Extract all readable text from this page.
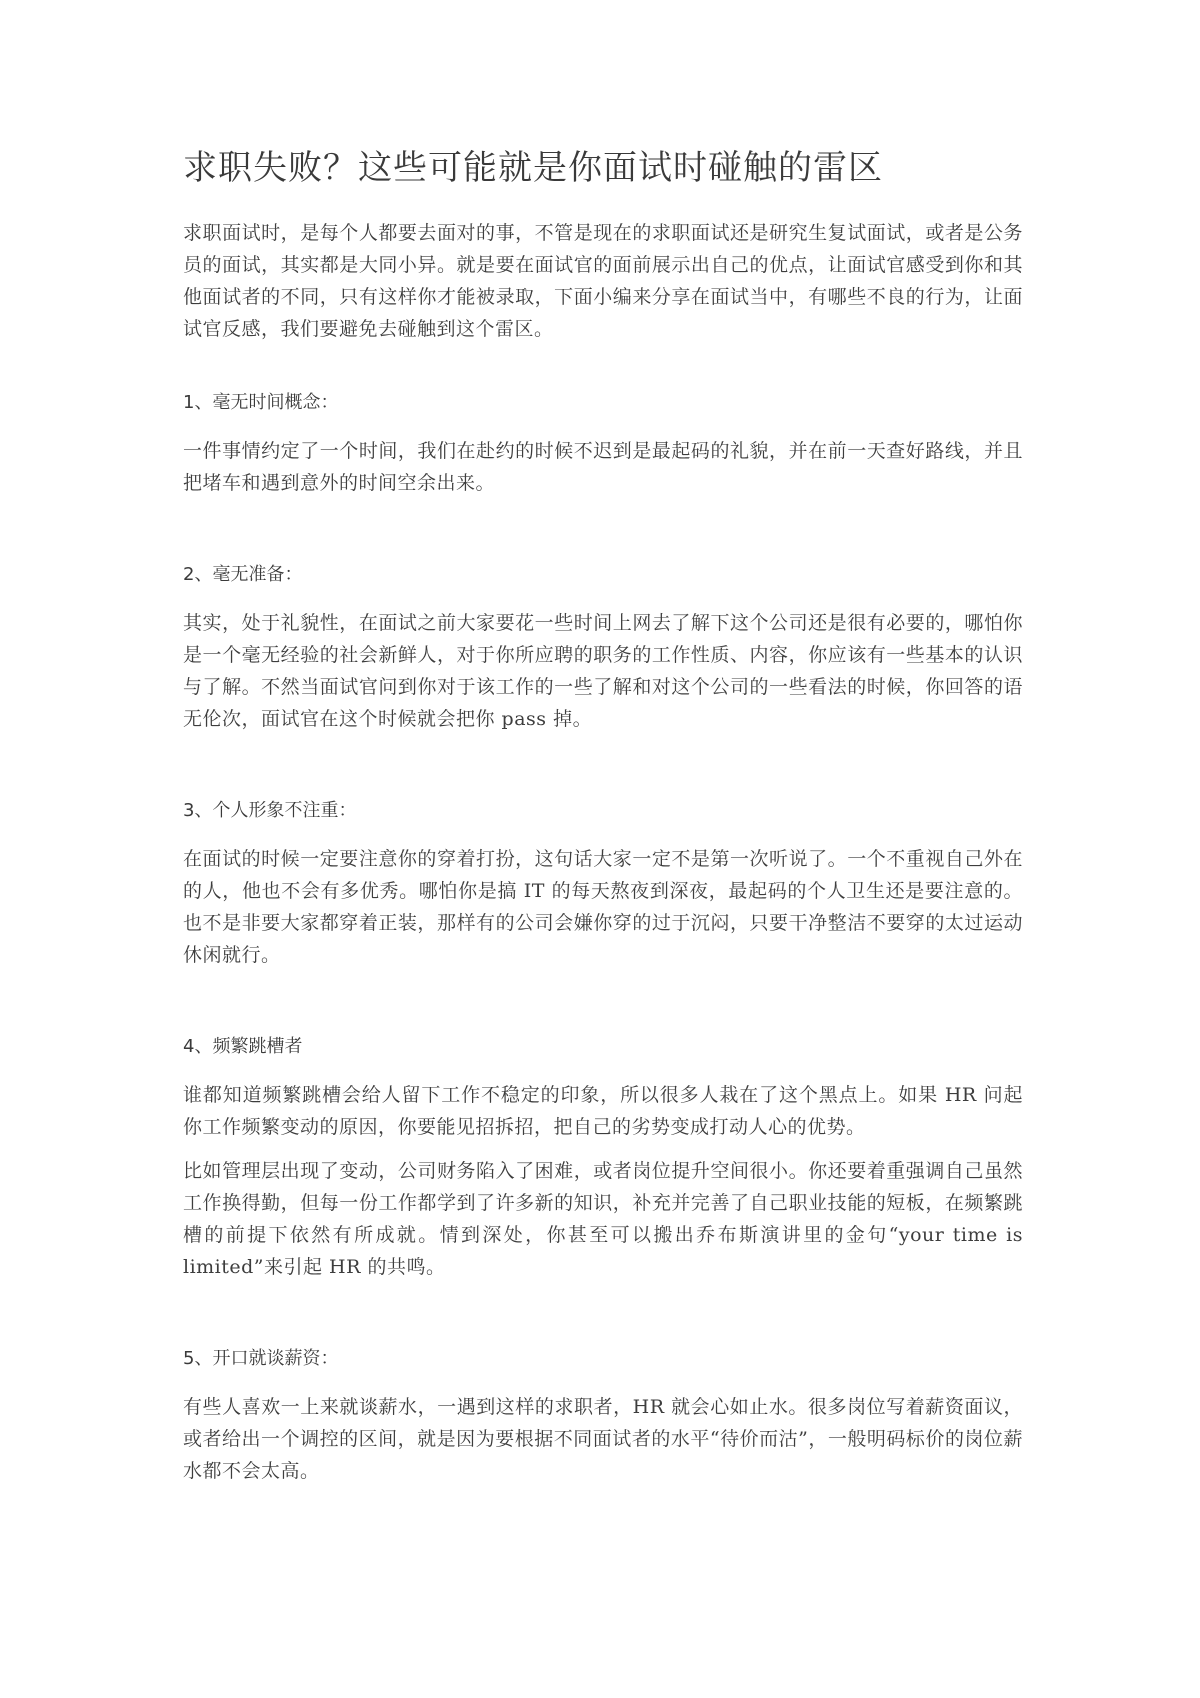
求职失败？这些可能就是你面试时碰触的雷区

求职面试时，是每个人都要去面对的事，不管是现在的求职面试还是研究生复试面试，或者是公务员的面试，其实都是大同小异。就是要在面试官的面前展示出自己的优点，让面试官感受到你和其他面试者的不同，只有这样你才能被录取，下面小编来分享在面试当中，有哪些不良的行为，让面试官反感，我们要避免去碰触到这个雷区。

1、毫无时间概念：

一件事情约定了一个时间，我们在赴约的时候不迟到是最起码的礼貌，并在前一天查好路线，并且把堵车和遇到意外的时间空余出来。

2、毫无准备：

其实，处于礼貌性，在面试之前大家要花一些时间上网去了解下这个公司还是很有必要的，哪怕你是一个毫无经验的社会新鲜人，对于你所应聘的职务的工作性质、内容，你应该有一些基本的认识与了解。不然当面试官问到你对于该工作的一些了解和对这个公司的一些看法的时候，你回答的语无伦次，面试官在这个时候就会把你 pass 掉。

3、个人形象不注重：

在面试的时候一定要注意你的穿着打扮，这句话大家一定不是第一次听说了。一个不重视自己外在的人，他也不会有多优秀。哪怕你是搞 IT 的每天熬夜到深夜，最起码的个人卫生还是要注意的。也不是非要大家都穿着正装，那样有的公司会嫌你穿的过于沉闷，只要干净整洁不要穿的太过运动休闲就行。

4、频繁跳槽者

谁都知道频繁跳槽会给人留下工作不稳定的印象，所以很多人栽在了这个黑点上。如果 HR 问起你工作频繁变动的原因，你要能见招拆招，把自己的劣势变成打动人心的优势。

比如管理层出现了变动，公司财务陷入了困难，或者岗位提升空间很小。你还要着重强调自己虽然工作换得勤，但每一份工作都学到了许多新的知识，补充并完善了自己职业技能的短板，在频繁跳槽的前提下依然有所成就。情到深处，你甚至可以搬出乔布斯演讲里的金句“your time is limited”来引起 HR 的共鸣。

5、开口就谈薪资：

有些人喜欢一上来就谈薪水，一遇到这样的求职者，HR 就会心如止水。很多岗位写着薪资面议，或者给出一个调控的区间，就是因为要根据不同面试者的水平“待价而沽”，一般明码标价的岗位薪水都不会太高。
